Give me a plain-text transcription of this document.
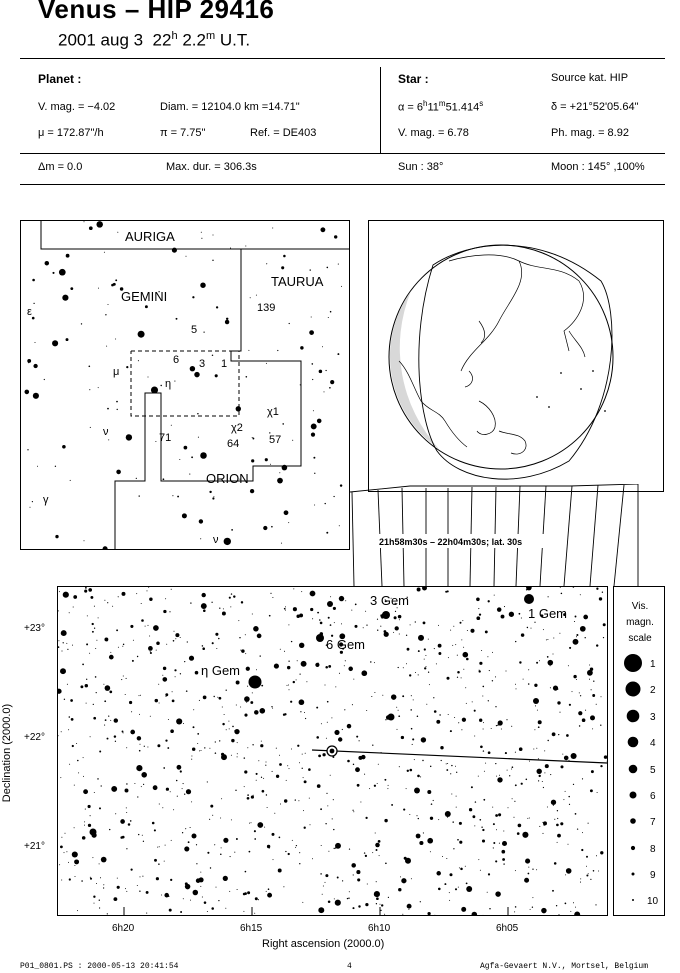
Venus – HIP 29416
2001 aug 3 22$^h$ 2.2$^m$ U.T.
Planet :
V. mag. = −4.02	Diam. = 12104.0 km =14.71"
μ = 172.87"/h	π = 7.75"	Ref. = DE403
Star :	Source kat. HIP
$\alpha = 6^h11^m51.414^s$	δ = +21°52'05.64"
V. mag. = 6.78	Ph. mag. = 8.92
Δm = 0.0	Max. dur. = 306.3s	Sun : 38°	Moon : 145° ,100%
AURIGA
TAURUA
GEMINI
ORION
ε
μ
η
ν
γ
ν
5
6 3 1
139
χ1
χ2
71	64	57
21h58m30s – 22h04m30s; lat. 30s
3 Gem
1 Gem
6 Gem
η Gem
6h20	6h15	6h10	6h05
+23°
+22°
+21°
Right ascension (2000.0)
Declination (2000.0)
Vis.
magn.
scale
1
2
3
4
5
6
7
8
9
10
P01_0801.PS : 2000-05-13 20:41:54	4	Agfa-Gevaert N.V., Mortsel, Belgium
